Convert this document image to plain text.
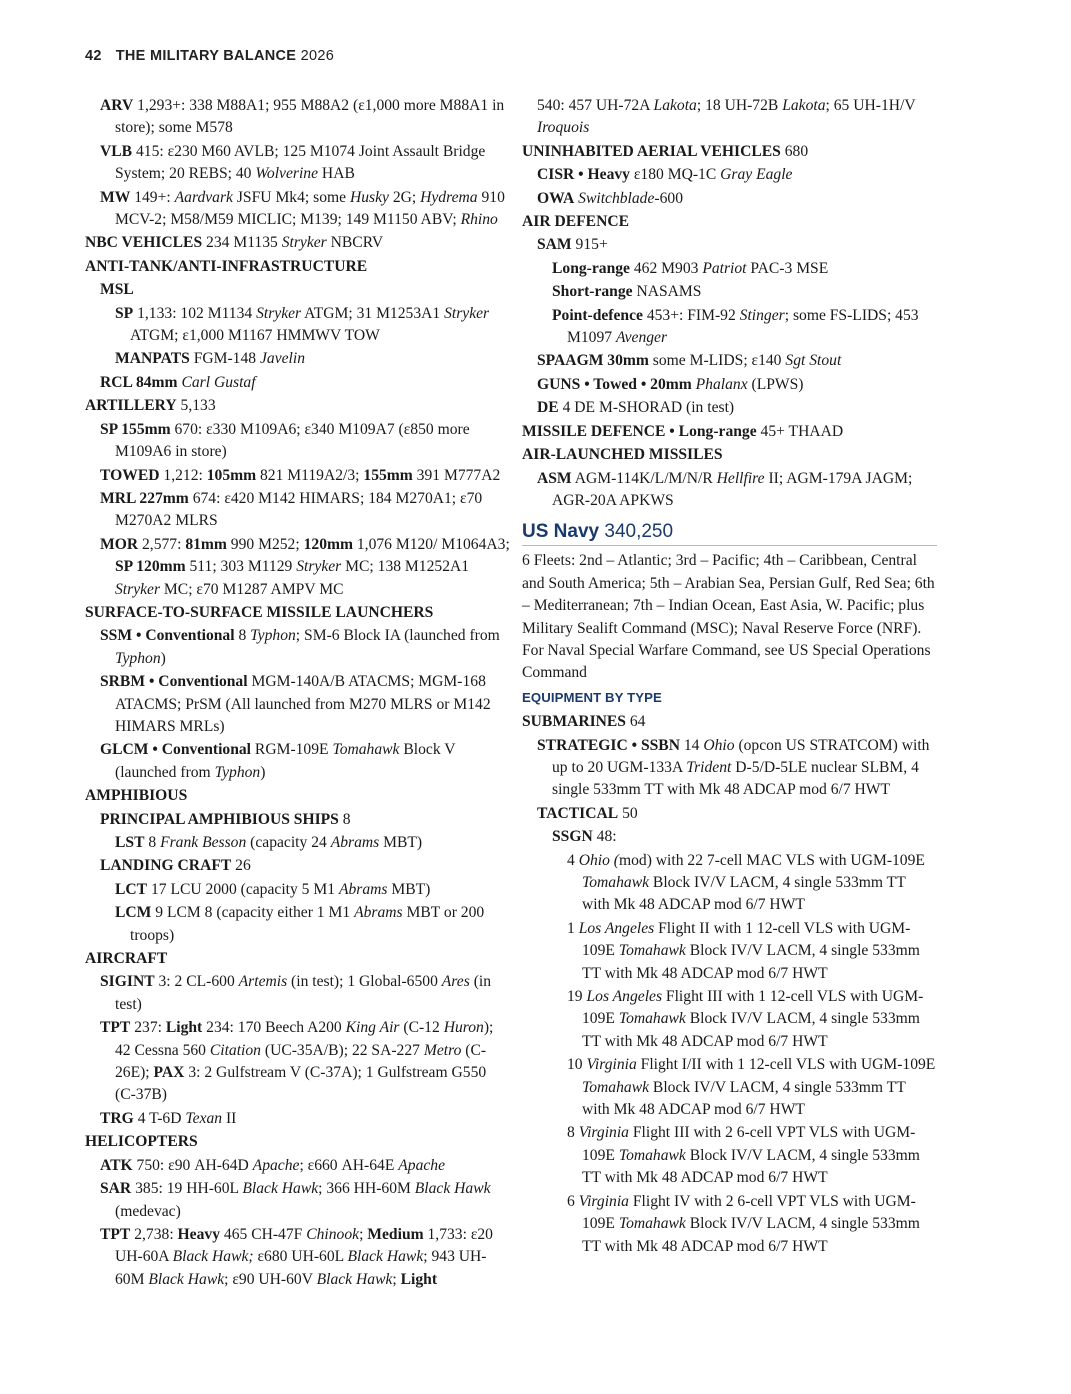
42 THE MILITARY BALANCE 2026
ARV 1,293+: 338 M88A1; 955 M88A2 (ε1,000 more M88A1 in store); some M578
VLB 415: ε230 M60 AVLB; 125 M1074 Joint Assault Bridge System; 20 REBS; 40 Wolverine HAB
MW 149+: Aardvark JSFU Mk4; some Husky 2G; Hydrema 910 MCV-2; M58/M59 MICLIC; M139; 149 M1150 ABV; Rhino
NBC VEHICLES 234 M1135 Stryker NBCRV
ANTI-TANK/ANTI-INFRASTRUCTURE
MSL
SP 1,133: 102 M1134 Stryker ATGM; 31 M1253A1 Stryker ATGM; ε1,000 M1167 HMMWV TOW
MANPATS FGM-148 Javelin
RCL 84mm Carl Gustaf
ARTILLERY 5,133
SP 155mm 670: ε330 M109A6; ε340 M109A7 (ε850 more M109A6 in store)
TOWED 1,212: 105mm 821 M119A2/3; 155mm 391 M777A2
MRL 227mm 674: ε420 M142 HIMARS; 184 M270A1; ε70 M270A2 MLRS
MOR 2,577: 81mm 990 M252; 120mm 1,076 M120/ M1064A3; SP 120mm 511; 303 M1129 Stryker MC; 138 M1252A1 Stryker MC; ε70 M1287 AMPV MC
SURFACE-TO-SURFACE MISSILE LAUNCHERS
SSM • Conventional 8 Typhon; SM-6 Block IA (launched from Typhon)
SRBM • Conventional MGM-140A/B ATACMS; MGM-168 ATACMS; PrSM (All launched from M270 MLRS or M142 HIMARS MRLs)
GLCM • Conventional RGM-109E Tomahawk Block V (launched from Typhon)
AMPHIBIOUS
PRINCIPAL AMPHIBIOUS SHIPS 8
LST 8 Frank Besson (capacity 24 Abrams MBT)
LANDING CRAFT 26
LCT 17 LCU 2000 (capacity 5 M1 Abrams MBT)
LCM 9 LCM 8 (capacity either 1 M1 Abrams MBT or 200 troops)
AIRCRAFT
SIGINT 3: 2 CL-600 Artemis (in test); 1 Global-6500 Ares (in test)
TPT 237: Light 234: 170 Beech A200 King Air (C-12 Huron); 42 Cessna 560 Citation (UC-35A/B); 22 SA-227 Metro (C-26E); PAX 3: 2 Gulfstream V (C-37A); 1 Gulfstream G550 (C-37B)
TRG 4 T-6D Texan II
HELICOPTERS
ATK 750: ε90 AH-64D Apache; ε660 AH-64E Apache
SAR 385: 19 HH-60L Black Hawk; 366 HH-60M Black Hawk (medevac)
TPT 2,738: Heavy 465 CH-47F Chinook; Medium 1,733: ε20 UH-60A Black Hawk; ε680 UH-60L Black Hawk; 943 UH-60M Black Hawk; ε90 UH-60V Black Hawk; Light
540: 457 UH-72A Lakota; 18 UH-72B Lakota; 65 UH-1H/V Iroquois
UNINHABITED AERIAL VEHICLES 680
CISR • Heavy ε180 MQ-1C Gray Eagle
OWA Switchblade-600
AIR DEFENCE
SAM 915+
Long-range 462 M903 Patriot PAC-3 MSE
Short-range NASAMS
Point-defence 453+: FIM-92 Stinger; some FS-LIDS; 453 M1097 Avenger
SPAAGM 30mm some M-LIDS; ε140 Sgt Stout
GUNS • Towed • 20mm Phalanx (LPWS)
DE 4 DE M-SHORAD (in test)
MISSILE DEFENCE • Long-range 45+ THAAD
AIR-LAUNCHED MISSILES
ASM AGM-114K/L/M/N/R Hellfire II; AGM-179A JAGM; AGR-20A APKWS
US Navy 340,250
6 Fleets: 2nd – Atlantic; 3rd – Pacific; 4th – Caribbean, Central and South America; 5th – Arabian Sea, Persian Gulf, Red Sea; 6th – Mediterranean; 7th – Indian Ocean, East Asia, W. Pacific; plus Military Sealift Command (MSC); Naval Reserve Force (NRF). For Naval Special Warfare Command, see US Special Operations Command
EQUIPMENT BY TYPE
SUBMARINES 64
STRATEGIC • SSBN 14 Ohio (opcon US STRATCOM) with up to 20 UGM-133A Trident D-5/D-5LE nuclear SLBM, 4 single 533mm TT with Mk 48 ADCAP mod 6/7 HWT
TACTICAL 50
SSGN 48:
4 Ohio (mod) with 22 7-cell MAC VLS with UGM-109E Tomahawk Block IV/V LACM, 4 single 533mm TT with Mk 48 ADCAP mod 6/7 HWT
1 Los Angeles Flight II with 1 12-cell VLS with UGM-109E Tomahawk Block IV/V LACM, 4 single 533mm TT with Mk 48 ADCAP mod 6/7 HWT
19 Los Angeles Flight III with 1 12-cell VLS with UGM-109E Tomahawk Block IV/V LACM, 4 single 533mm TT with Mk 48 ADCAP mod 6/7 HWT
10 Virginia Flight I/II with 1 12-cell VLS with UGM-109E Tomahawk Block IV/V LACM, 4 single 533mm TT with Mk 48 ADCAP mod 6/7 HWT
8 Virginia Flight III with 2 6-cell VPT VLS with UGM-109E Tomahawk Block IV/V LACM, 4 single 533mm TT with Mk 48 ADCAP mod 6/7 HWT
6 Virginia Flight IV with 2 6-cell VPT VLS with UGM-109E Tomahawk Block IV/V LACM, 4 single 533mm TT with Mk 48 ADCAP mod 6/7 HWT
